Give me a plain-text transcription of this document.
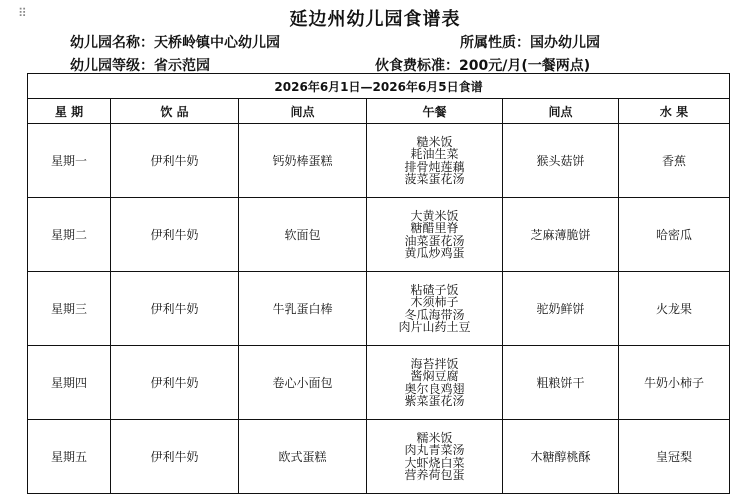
⠿	延边州幼儿园食谱表
幼儿园名称：天桥岭镇中心幼儿园	所属性质：国办幼儿园
幼儿园等级：省示范园	伙食费标准：200元/月(一餐两点)
2026年6月1日—2026年6月5日食谱					
星 期	饮 品	间点	午餐	间点	水 果
星期一	伊利牛奶	钙奶棒蛋糕	糙米饭
耗油生菜
排骨炖莲藕
菠菜蛋花汤	猴头菇饼	香蕉
星期二	伊利牛奶	软面包	大黄米饭
糖醋里脊
油菜蛋花汤
黄瓜炒鸡蛋	芝麻薄脆饼	哈密瓜
星期三	伊利牛奶	牛乳蛋白棒	粘碴子饭
木须柿子
冬瓜海带汤
肉片山药土豆	驼奶鲜饼	火龙果
星期四	伊利牛奶	卷心小面包	海苔拌饭
酱焖豆腐
奥尔良鸡翅
紫菜蛋花汤	粗粮饼干	牛奶小柿子
星期五	伊利牛奶	欧式蛋糕	糯米饭
肉丸青菜汤
大虾烧白菜
营养荷包蛋	木糖醇桃酥	皇冠梨
